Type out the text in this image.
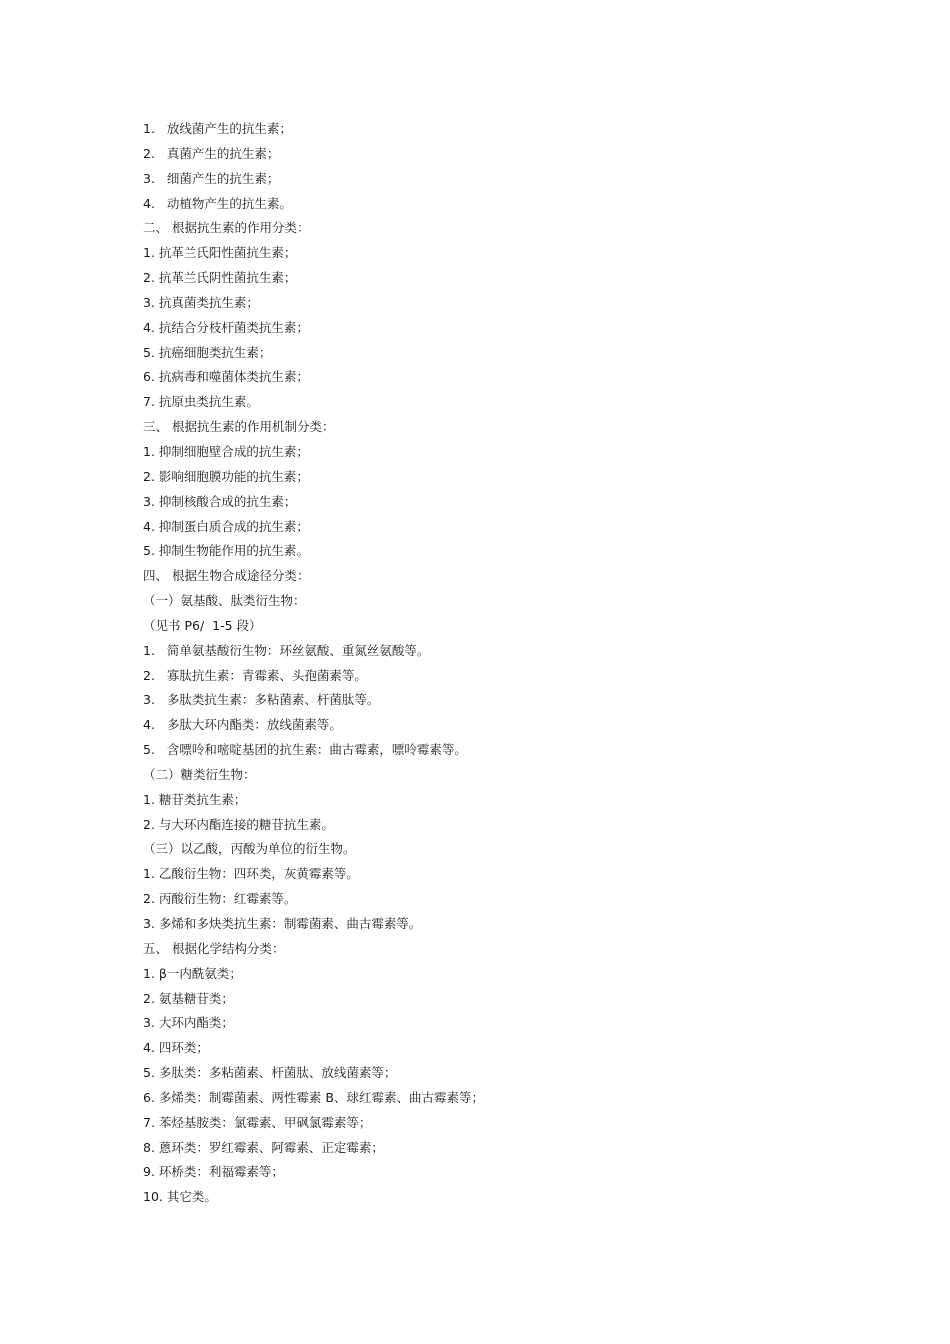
1.   放线菌产生的抗生素；
2.   真菌产生的抗生素；
3.   细菌产生的抗生素；
4.   动植物产生的抗生素。
二、 根据抗生素的作用分类：
1. 抗革兰氏阳性菌抗生素；
2. 抗革兰氏阴性菌抗生素；
3. 抗真菌类抗生素；
4. 抗结合分枝杆菌类抗生素；
5. 抗癌细胞类抗生素；
6. 抗病毒和噬菌体类抗生素；
7. 抗原虫类抗生素。
三、 根据抗生素的作用机制分类：
1. 抑制细胞壁合成的抗生素；
2. 影响细胞膜功能的抗生素；
3. 抑制核酸合成的抗生素；
4. 抑制蛋白质合成的抗生素；
5. 抑制生物能作用的抗生素。
四、 根据生物合成途径分类：
（一）氨基酸、肽类衍生物：
（见书 P6/  1-5 段）
1.   简单氨基酸衍生物：环丝氨酸、重氮丝氨酸等。
2.   寡肽抗生素：青霉素、头孢菌素等。
3.   多肽类抗生素：多粘菌素、杆菌肽等。
4.   多肽大环内酯类：放线菌素等。
5.   含嘌呤和嘧啶基团的抗生素：曲古霉素，嘌呤霉素等。
（二）糖类衍生物：
1. 糖苷类抗生素；
2. 与大环内酯连接的糖苷抗生素。
（三）以乙酸，丙酸为单位的衍生物。
1. 乙酸衍生物：四环类，灰黄霉素等。
2. 丙酸衍生物：红霉素等。
3. 多烯和多炔类抗生素：制霉菌素、曲古霉素等。
五、 根据化学结构分类：
1. β一内酰氨类；
2. 氨基糖苷类；
3. 大环内酯类；
4. 四环类；
5. 多肽类：多粘菌素、杆菌肽、放线菌素等；
6. 多烯类：制霉菌素、两性霉素 B、球红霉素、曲古霉素等；
7. 苯烃基胺类：氯霉素、甲砜氯霉素等；
8. 蒽环类：罗红霉素、阿霉素、正定霉素；
9. 环桥类：利福霉素等；
10. 其它类。
